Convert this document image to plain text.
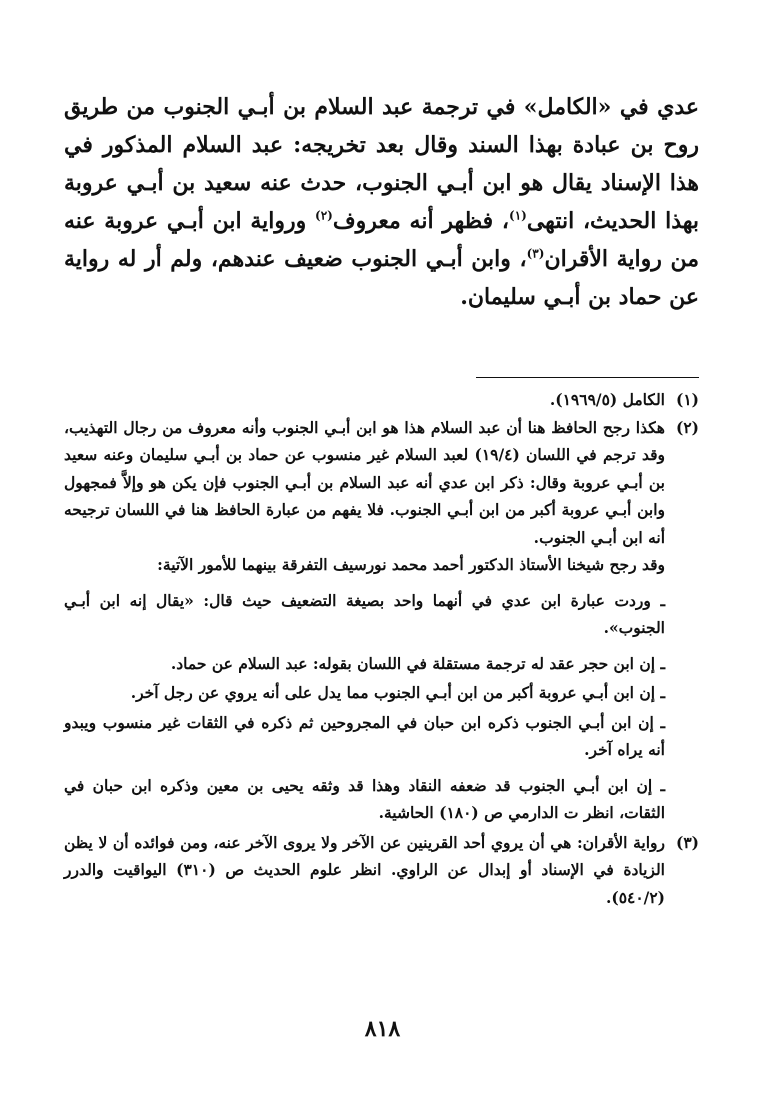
عدي في «الكامل» في ترجمة عبد السلام بن أبـي الجنوب من طريق روح بن عبادة بهذا السند وقال بعد تخريجه: عبد السلام المذكور في هذا الإسناد يقال هو ابن أبـي الجنوب، حدث عنه سعيد بن أبـي عروبة بهذا الحديث، انتهى$^{(١)}$، فظهر أنه معروف$^{(٢)}$ ورواية ابن أبـي عروبة عنه من رواية الأقران$^{(٣)}$، وابن أبـي الجنوب ضعيف عندهم، ولم أر له رواية عن حماد بن أبـي سليمان.

(١)

الكامل (١٩٦٩/٥).

(٢)

هكذا رجح الحافظ هنا أن عبد السلام هذا هو ابن أبـي الجنوب وأنه معروف من رجال التهذيب، وقد ترجم في اللسان (١٩/٤) لعبد السلام غير منسوب عن حماد بن أبـي سليمان وعنه سعيد بن أبـي عروبة وقال: ذكر ابن عدي أنه عبد السلام بن أبـي الجنوب فإن يكن هو وإلاَّ فمجهول وابن أبـي عروبة أكبر من ابن أبـي الجنوب. فلا يفهم من عبارة الحافظ هنا في اللسان ترجيحه أنه ابن أبـي الجنوب.

وقد رجح شيخنا الأستاذ الدكتور أحمد محمد نورسيف التفرقة بينهما للأمور الآتية:

ـ وردت عبارة ابن عدي في أنهما واحد بصيغة التضعيف حيث قال: «يقال إنه ابن أبـي الجنوب».

ـ إن ابن حجر عقد له ترجمة مستقلة في اللسان بقوله: عبد السلام عن حماد.

ـ إن ابن أبـي عروبة أكبر من ابن أبـي الجنوب مما يدل على أنه يروي عن رجل آخر.

ـ إن ابن أبـي الجنوب ذكره ابن حبان في المجروحين ثم ذكره في الثقات غير منسوب ويبدو أنه يراه آخر.

ـ إن ابن أبـي الجنوب قد ضعفه النقاد وهذا قد وثقه يحيى بن معين وذكره ابن حبان في الثقات، انظر ت الدارمي ص (١٨٠) الحاشية.

(٣)

رواية الأقران: هي أن يروي أحد القرينين عن الآخر ولا يروى الآخر عنه، ومن فوائده أن لا يظن الزيادة في الإسناد أو إبدال عن الراوي. انظر علوم الحديث ص (٣١٠) اليواقيت والدرر (٥٤٠/٢).

٨١٨
